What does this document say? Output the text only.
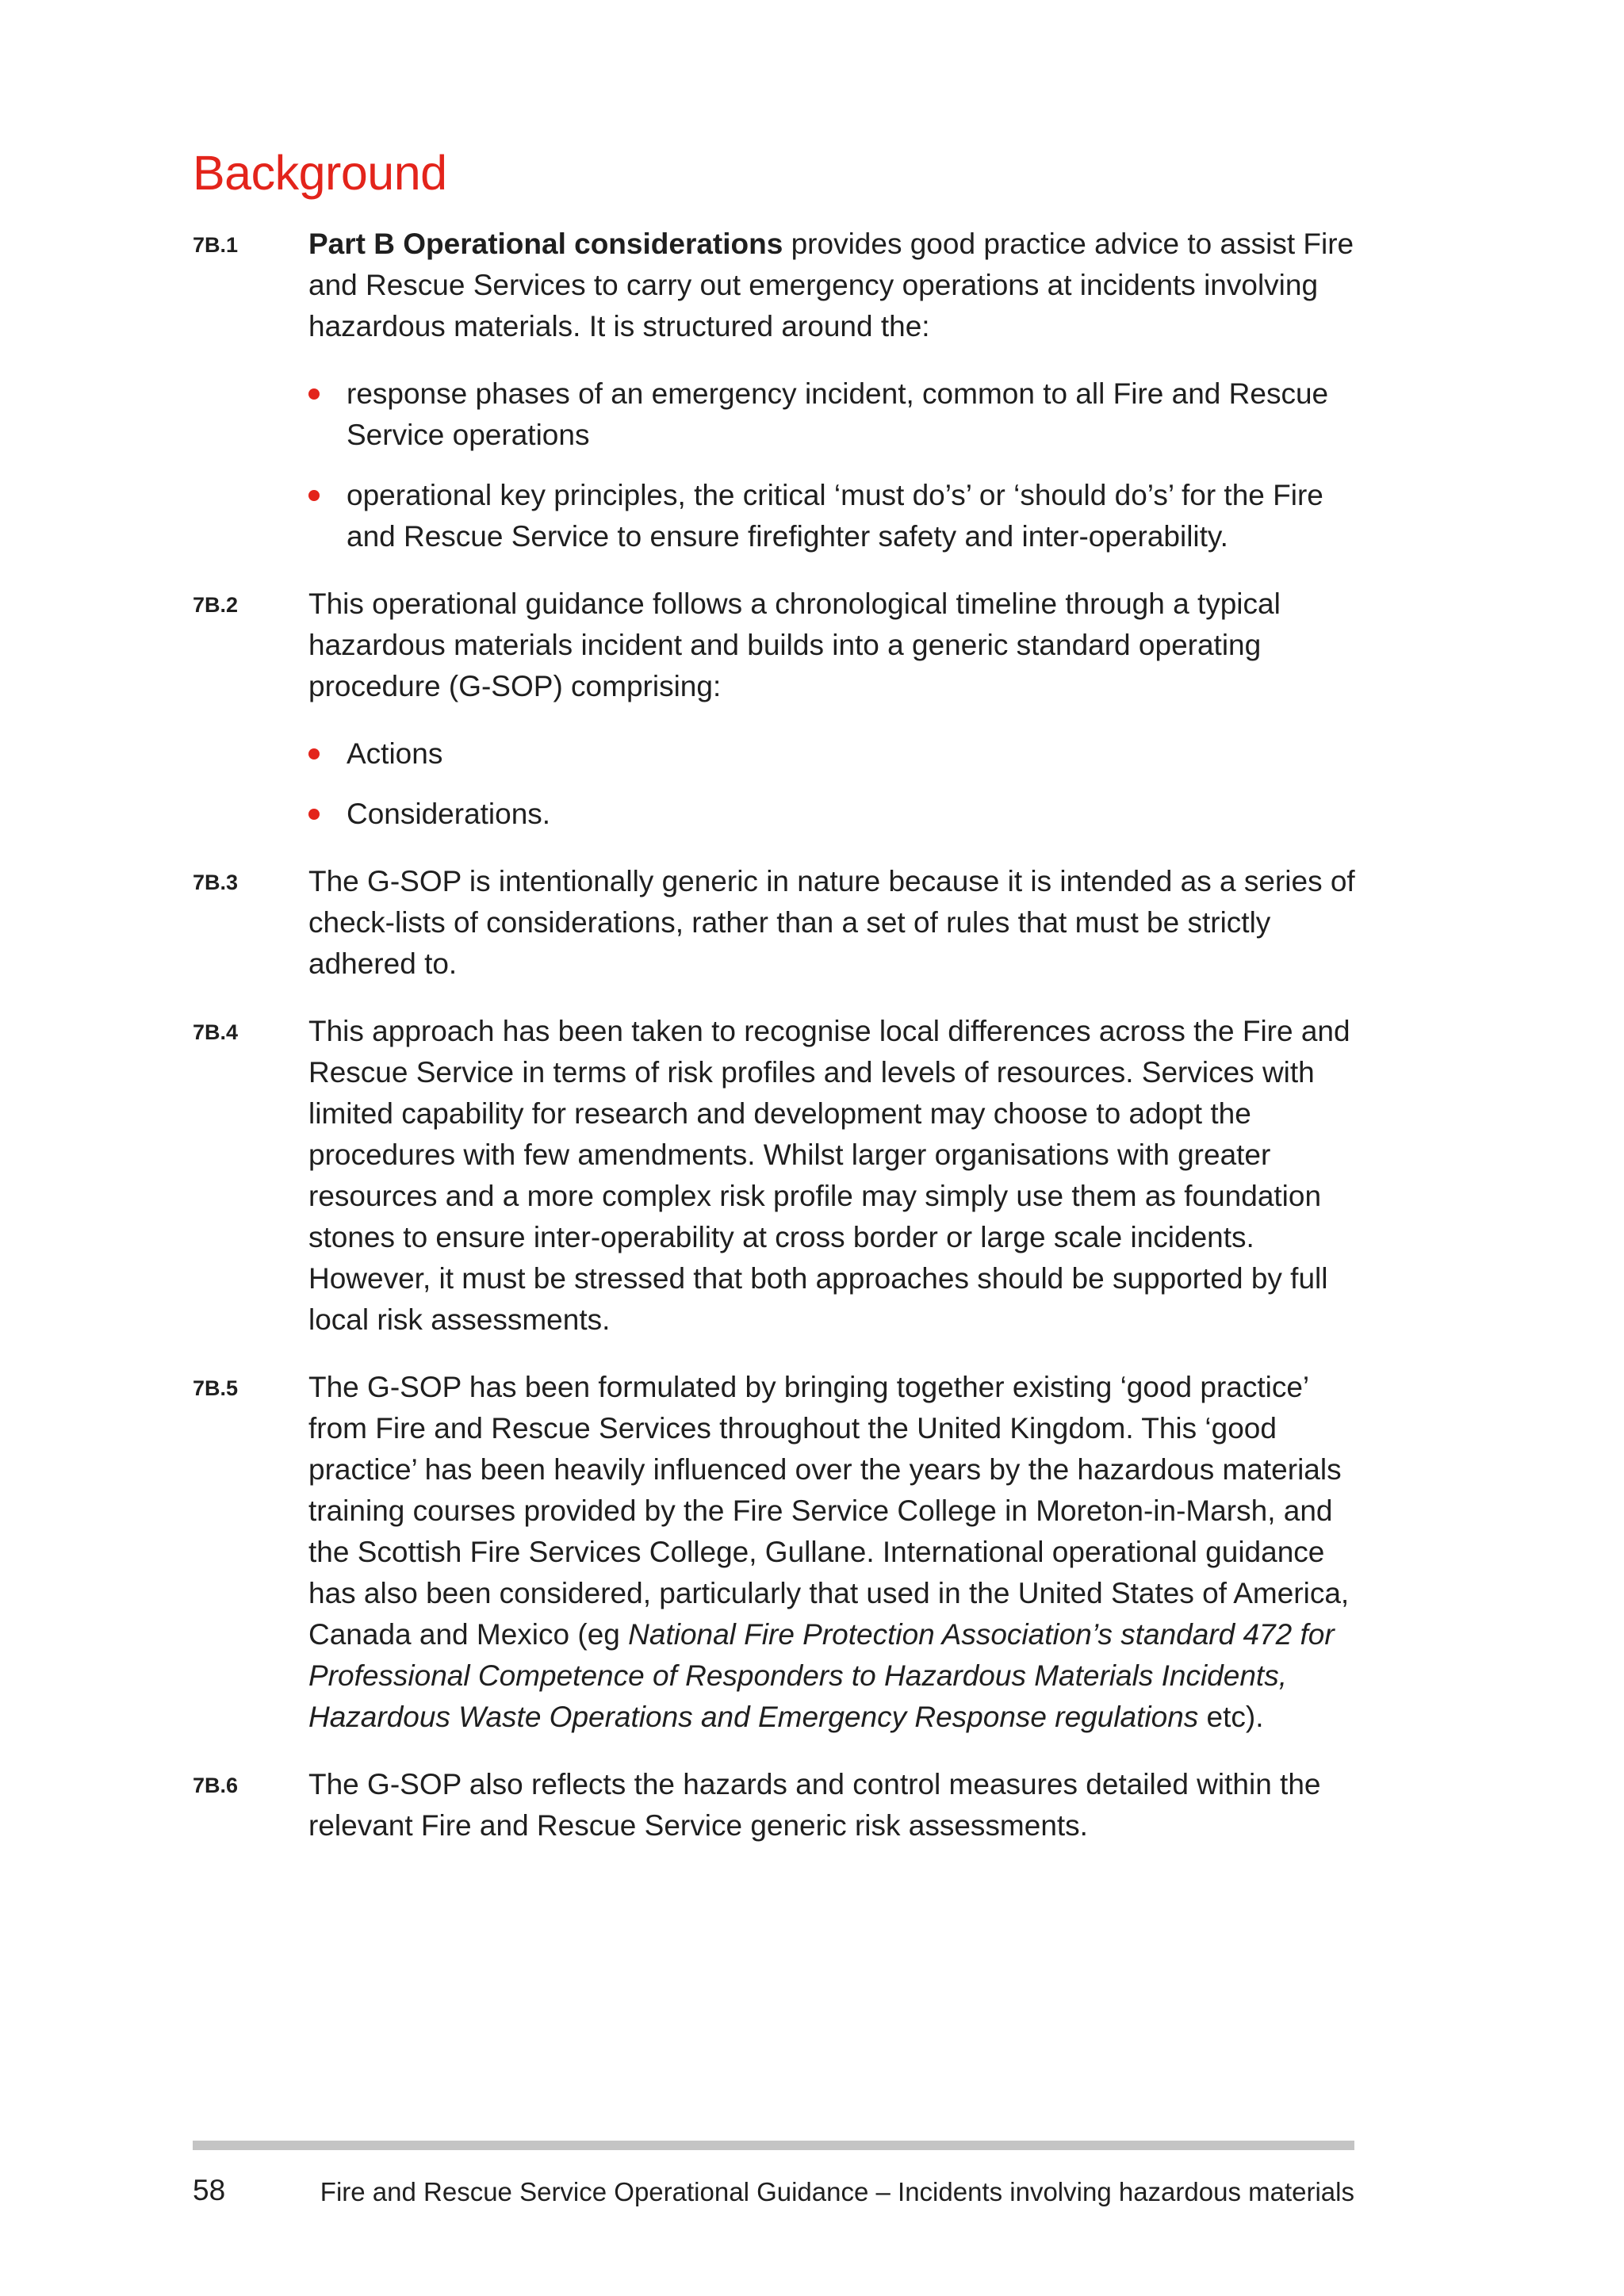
Background
7B.1 Part B Operational considerations provides good practice advice to assist Fire and Rescue Services to carry out emergency operations at incidents involving hazardous materials. It is structured around the:
response phases of an emergency incident, common to all Fire and Rescue Service operations
operational key principles, the critical ‘must do’s’ or ‘should do’s’ for the Fire and Rescue Service to ensure firefighter safety and inter-operability.
7B.2 This operational guidance follows a chronological timeline through a typical hazardous materials incident and builds into a generic standard operating procedure (G-SOP) comprising:
Actions
Considerations.
7B.3 The G-SOP is intentionally generic in nature because it is intended as a series of check-lists of considerations, rather than a set of rules that must be strictly adhered to.
7B.4 This approach has been taken to recognise local differences across the Fire and Rescue Service in terms of risk profiles and levels of resources. Services with limited capability for research and development may choose to adopt the procedures with few amendments. Whilst larger organisations with greater resources and a more complex risk profile may simply use them as foundation stones to ensure inter-operability at cross border or large scale incidents. However, it must be stressed that both approaches should be supported by full local risk assessments.
7B.5 The G-SOP has been formulated by bringing together existing ‘good practice’ from Fire and Rescue Services throughout the United Kingdom. This ‘good practice’ has been heavily influenced over the years by the hazardous materials training courses provided by the Fire Service College in Moreton-in-Marsh, and the Scottish Fire Services College, Gullane. International operational guidance has also been considered, particularly that used in the United States of America, Canada and Mexico (eg National Fire Protection Association’s standard 472 for Professional Competence of Responders to Hazardous Materials Incidents, Hazardous Waste Operations and Emergency Response regulations etc).
7B.6 The G-SOP also reflects the hazards and control measures detailed within the relevant Fire and Rescue Service generic risk assessments.
58	Fire and Rescue Service Operational Guidance – Incidents involving hazardous materials
